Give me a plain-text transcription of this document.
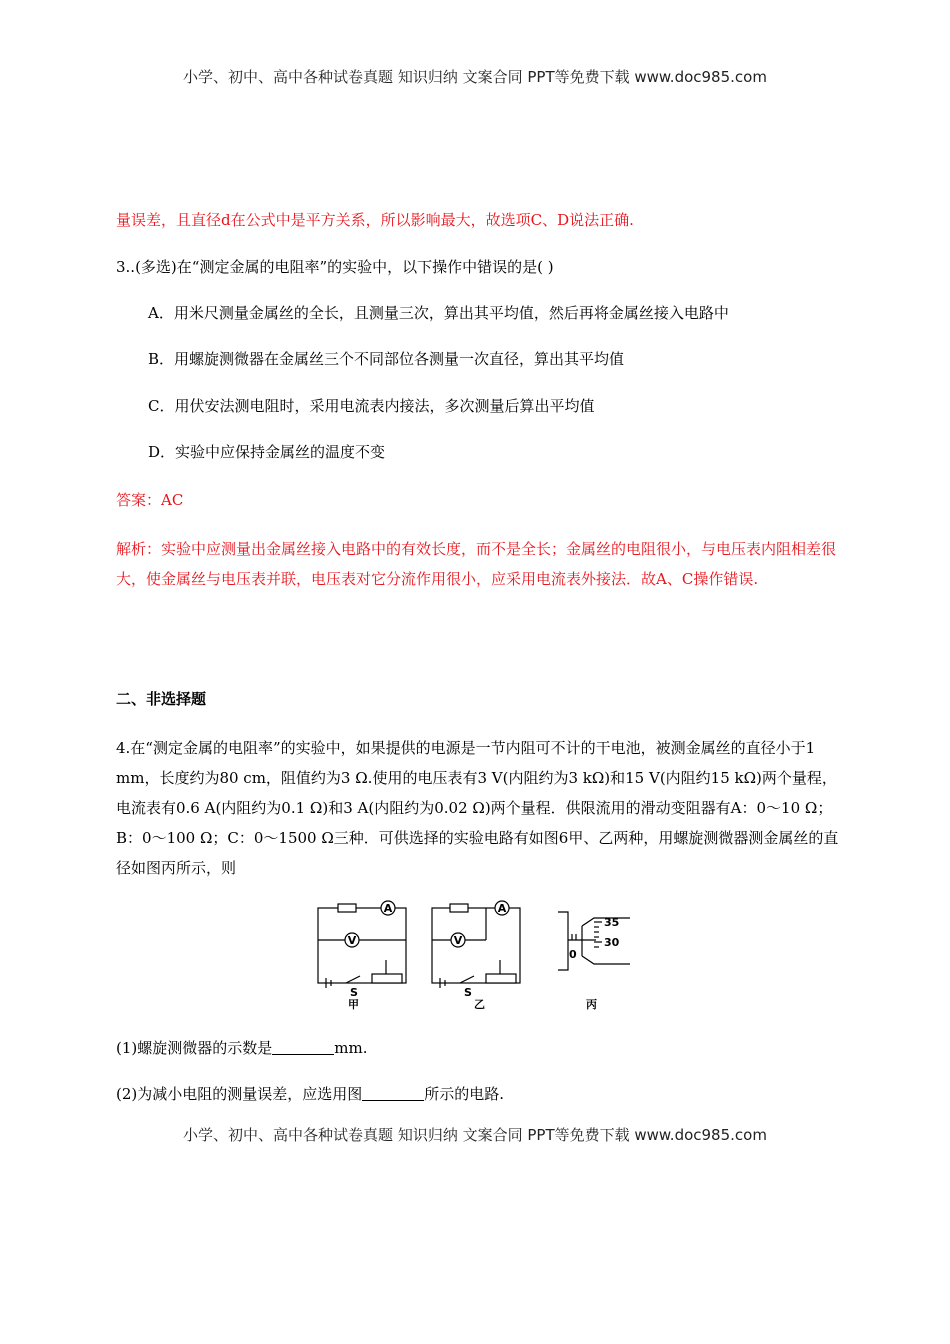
小学、初中、高中各种试卷真题 知识归纳 文案合同 PPT等免费下载 www.doc985.com
量误差，且直径d在公式中是平方关系，所以影响最大，故选项C、D说法正确.
3..(多选)在“测定金属的电阻率”的实验中，以下操作中错误的是( )
A．用米尺测量金属丝的全长，且测量三次，算出其平均值，然后再将金属丝接入电路中
B．用螺旋测微器在金属丝三个不同部位各测量一次直径，算出其平均值
C．用伏安法测电阻时，采用电流表内接法，多次测量后算出平均值
D．实验中应保持金属丝的温度不变
答案：AC
解析：实验中应测量出金属丝接入电路中的有效长度，而不是全长；金属丝的电阻很小，与电压表内阻相差很大，使金属丝与电压表并联，电压表对它分流作用很小，应采用电流表外接法．故A、C操作错误.
二、非选择题
4.在“测定金属的电阻率”的实验中，如果提供的电源是一节内阻可不计的干电池，被测金属丝的直径小于1 mm，长度约为80 cm，阻值约为3 Ω.使用的电压表有3 V(内阻约为3 kΩ)和15 V(内阻约15 kΩ)两个量程，电流表有0.6 A(内阻约为0.1 Ω)和3 A(内阻约为0.02 Ω)两个量程．供限流用的滑动变阻器有A：0～10 Ω；B：0～100 Ω；C：0～1500 Ω三种．可供选择的实验电路有如图6甲、乙两种，用螺旋测微器测金属丝的直径如图丙所示，则
A
V
S
甲
A
V
S
乙
35
30
0
丙
(1)螺旋测微器的示数是	mm.
(2)为减小电阻的测量误差，应选用图	所示的电路.
小学、初中、高中各种试卷真题 知识归纳 文案合同 PPT等免费下载 www.doc985.com
